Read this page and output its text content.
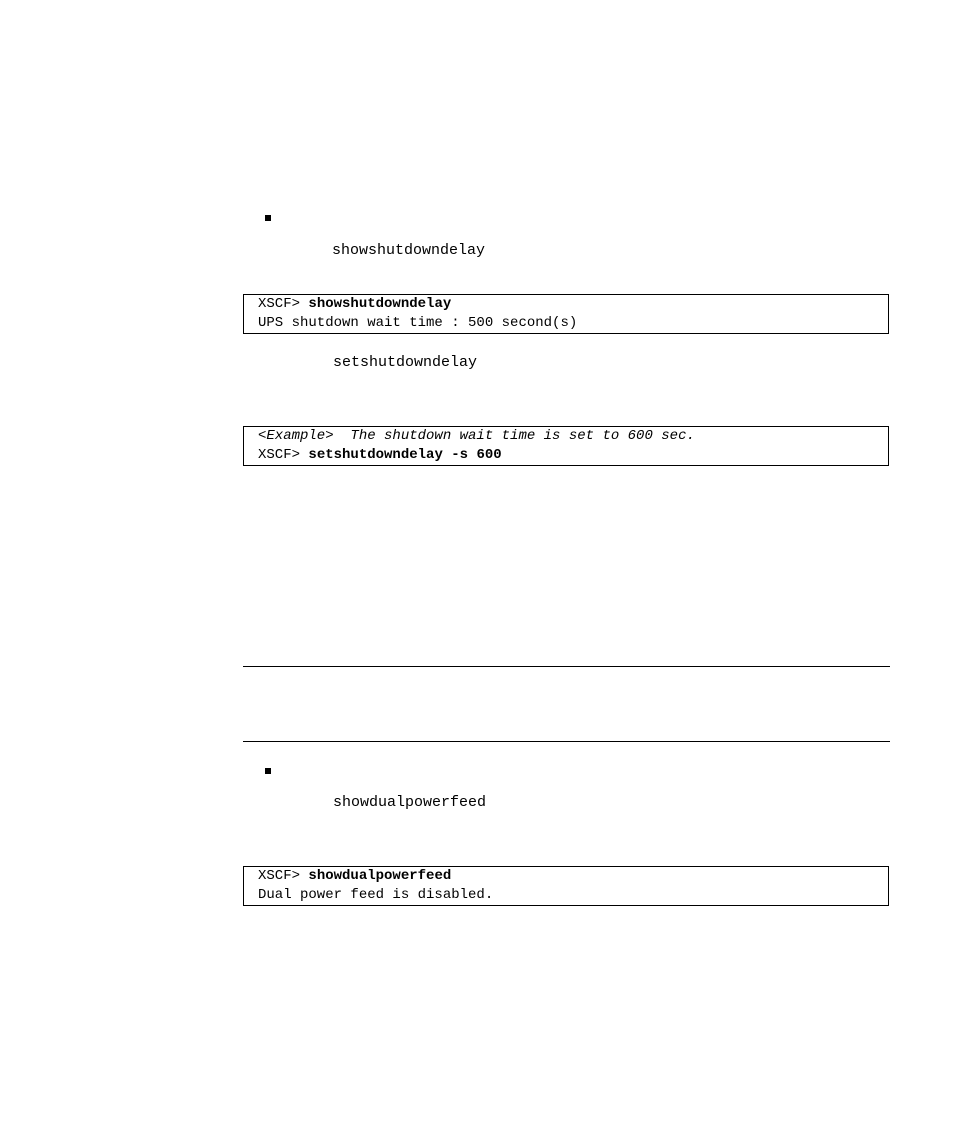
showshutdowndelay
XSCF> showshutdowndelay
UPS shutdown wait time : 500 second(s)
setshutdowndelay
<Example>  The shutdown wait time is set to 600 sec.
XSCF> setshutdowndelay -s 600
showdualpowerfeed
XSCF> showdualpowerfeed
Dual power feed is disabled.
